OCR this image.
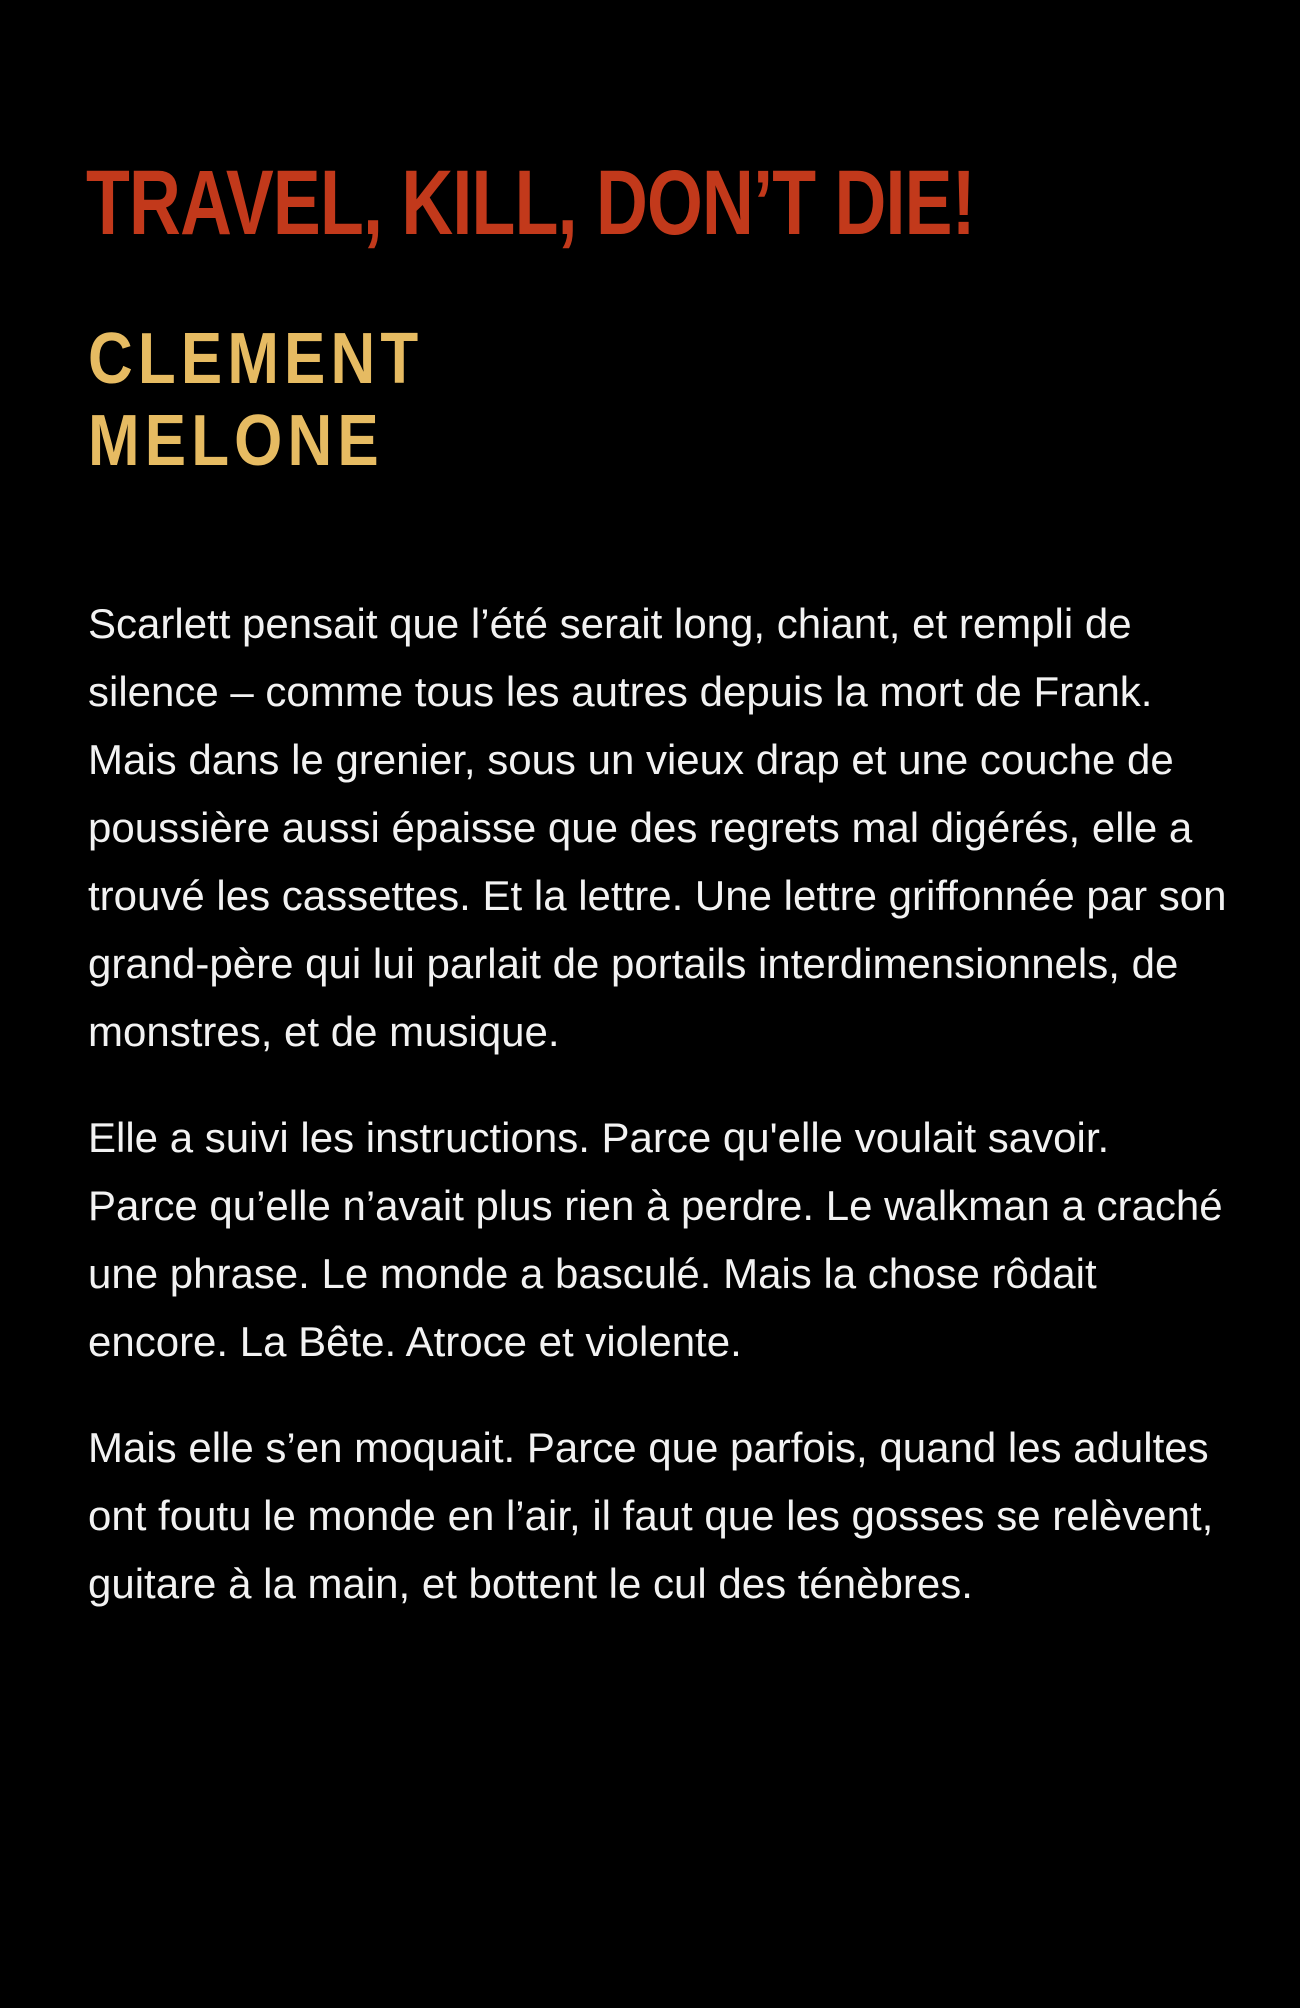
TRAVEL, KILL, DON’T DIE!
CLEMENT
MELONE

Scarlett pensait que l’été serait long, chiant, et rempli de silence – comme tous les autres depuis la mort de Frank. Mais dans le grenier, sous un vieux drap et une couche de poussière aussi épaisse que des regrets mal digérés, elle a trouvé les cassettes. Et la lettre. Une lettre griffonnée par son grand-père qui lui parlait de portails interdimensionnels, de monstres, et de musique.

Elle a suivi les instructions. Parce qu'elle voulait savoir. Parce qu’elle n’avait plus rien à perdre. Le walkman a craché une phrase. Le monde a basculé. Mais la chose rôdait encore. La Bête. Atroce et violente.

Mais elle s’en moquait. Parce que parfois, quand les adultes ont foutu le monde en l’air, il faut que les gosses se relèvent, guitare à la main, et bottent le cul des ténèbres.
